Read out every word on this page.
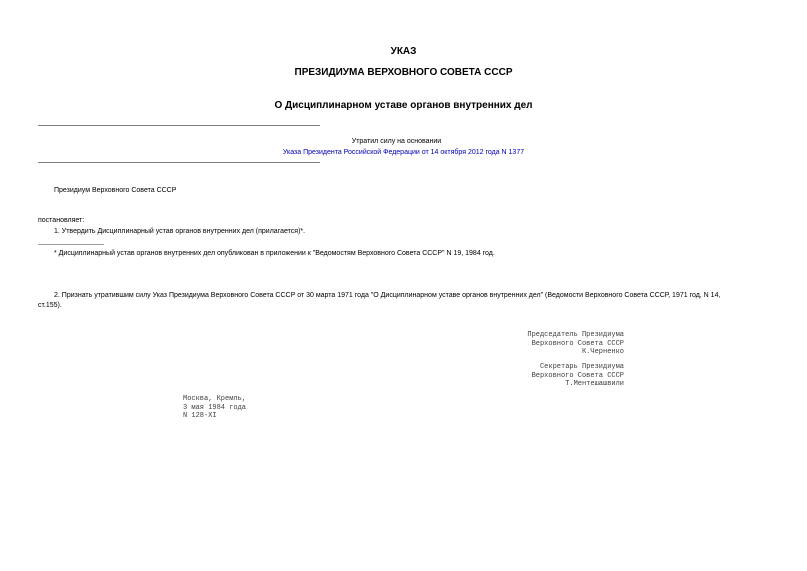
УКАЗ
ПРЕЗИДИУМА ВЕРХОВНОГО СОВЕТА СССР
О Дисциплинарном уставе органов внутренних дел
Утратил силу на основании
Указа Президента Российской Федерации от 14 октября 2012 года N 1377
Президиум Верховного Совета СССР
постановляет:
1. Утвердить Дисциплинарный устав органов внутренних дел (прилагается)*.
* Дисциплинарный устав органов внутренних дел опубликован в приложении к "Ведомостям Верховного Совета СССР" N 19, 1984 год.
2. Признать утратившим силу Указ Президиума Верховного Совета СССР от 30 марта 1971 года "О Дисциплинарном уставе органов внутренних дел" (Ведомости Верховного Совета СССР, 1971 год, N 14,
ст.155).
Председатель Президиума
Верховного Совета СССР
К.Черненко
Секретарь Президиума
Верховного Совета СССР
Т.Ментешашвили
Москва, Кремль,
3 мая 1984 года
N 128-XI
